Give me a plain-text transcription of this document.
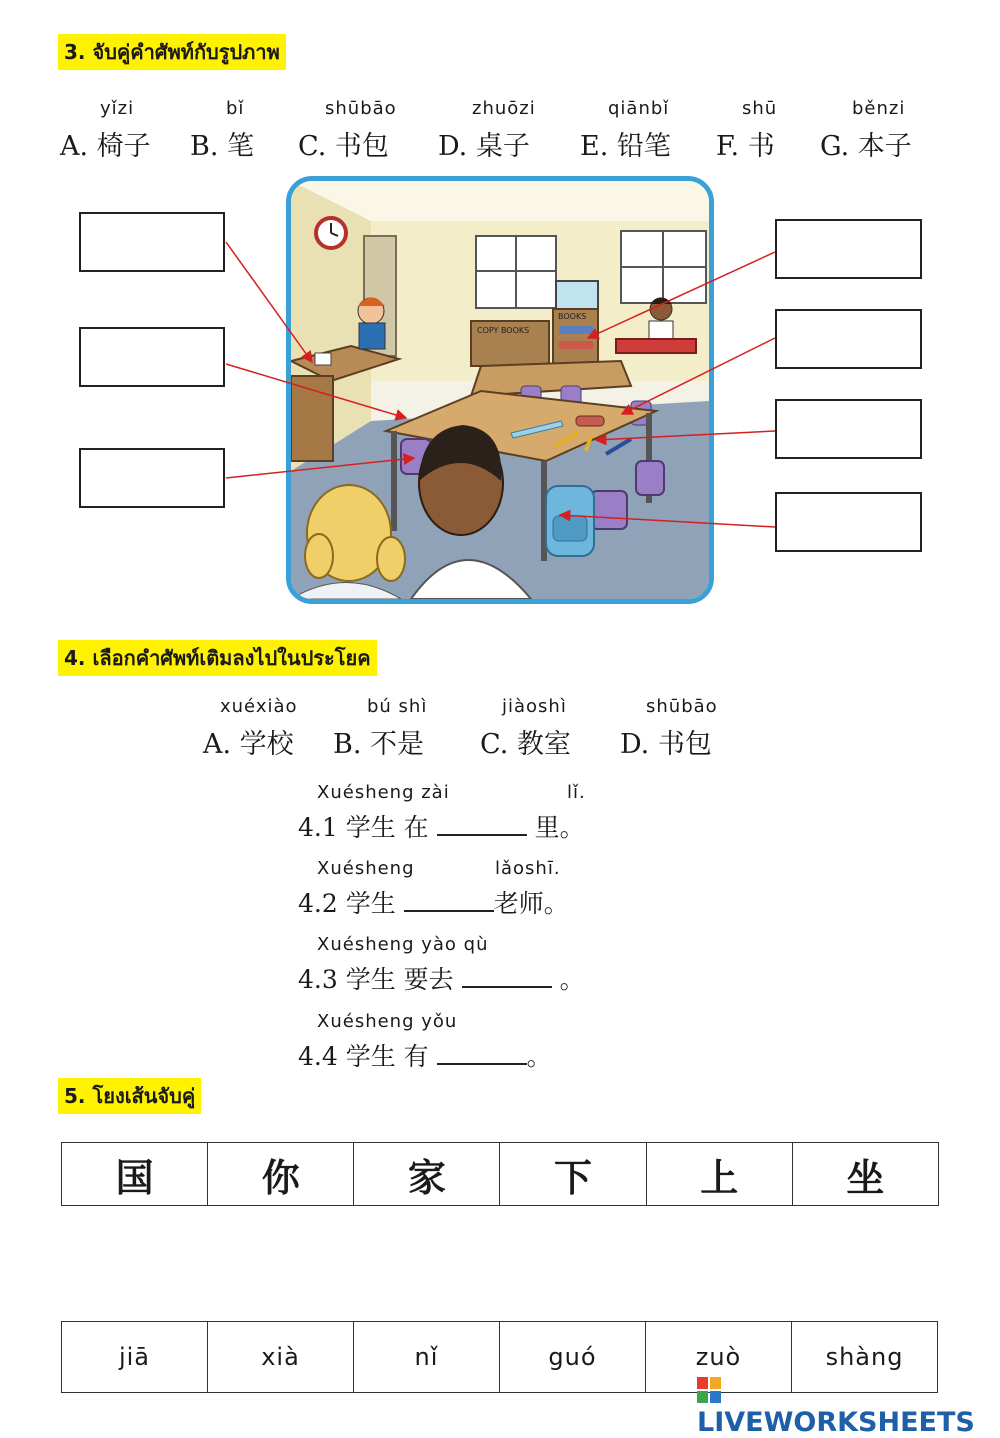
3. จับคู่คำศัพท์กับรูปภาพ
yǐzi
A. 椅子
bǐ
B. 笔
shūbāo
C. 书包
zhuōzi
D. 桌子
qiānbǐ
E. 铅笔
shū
F. 书
běnzi
G. 本子
COPY BOOKS
BOOKS
4. เลือกคำศัพท์เติมลงไปในประโยค
xuéxiào
A. 学校
bú shì
B. 不是
jiàoshì
C. 教室
shūbāo
D. 书包
Xuésheng zài	lǐ.
4.1 学生 在	里。
Xuésheng	lǎoshī.
4.2 学生	老师。
Xuésheng yào qù
4.3 学生 要去	。
Xuésheng yǒu
4.4 学生 有	。
5. โยงเส้นจับคู่
国	你	家	下	上	坐
jiā	xià	nǐ	guó	zuò	shàng
LIVEWORKSHEETS
